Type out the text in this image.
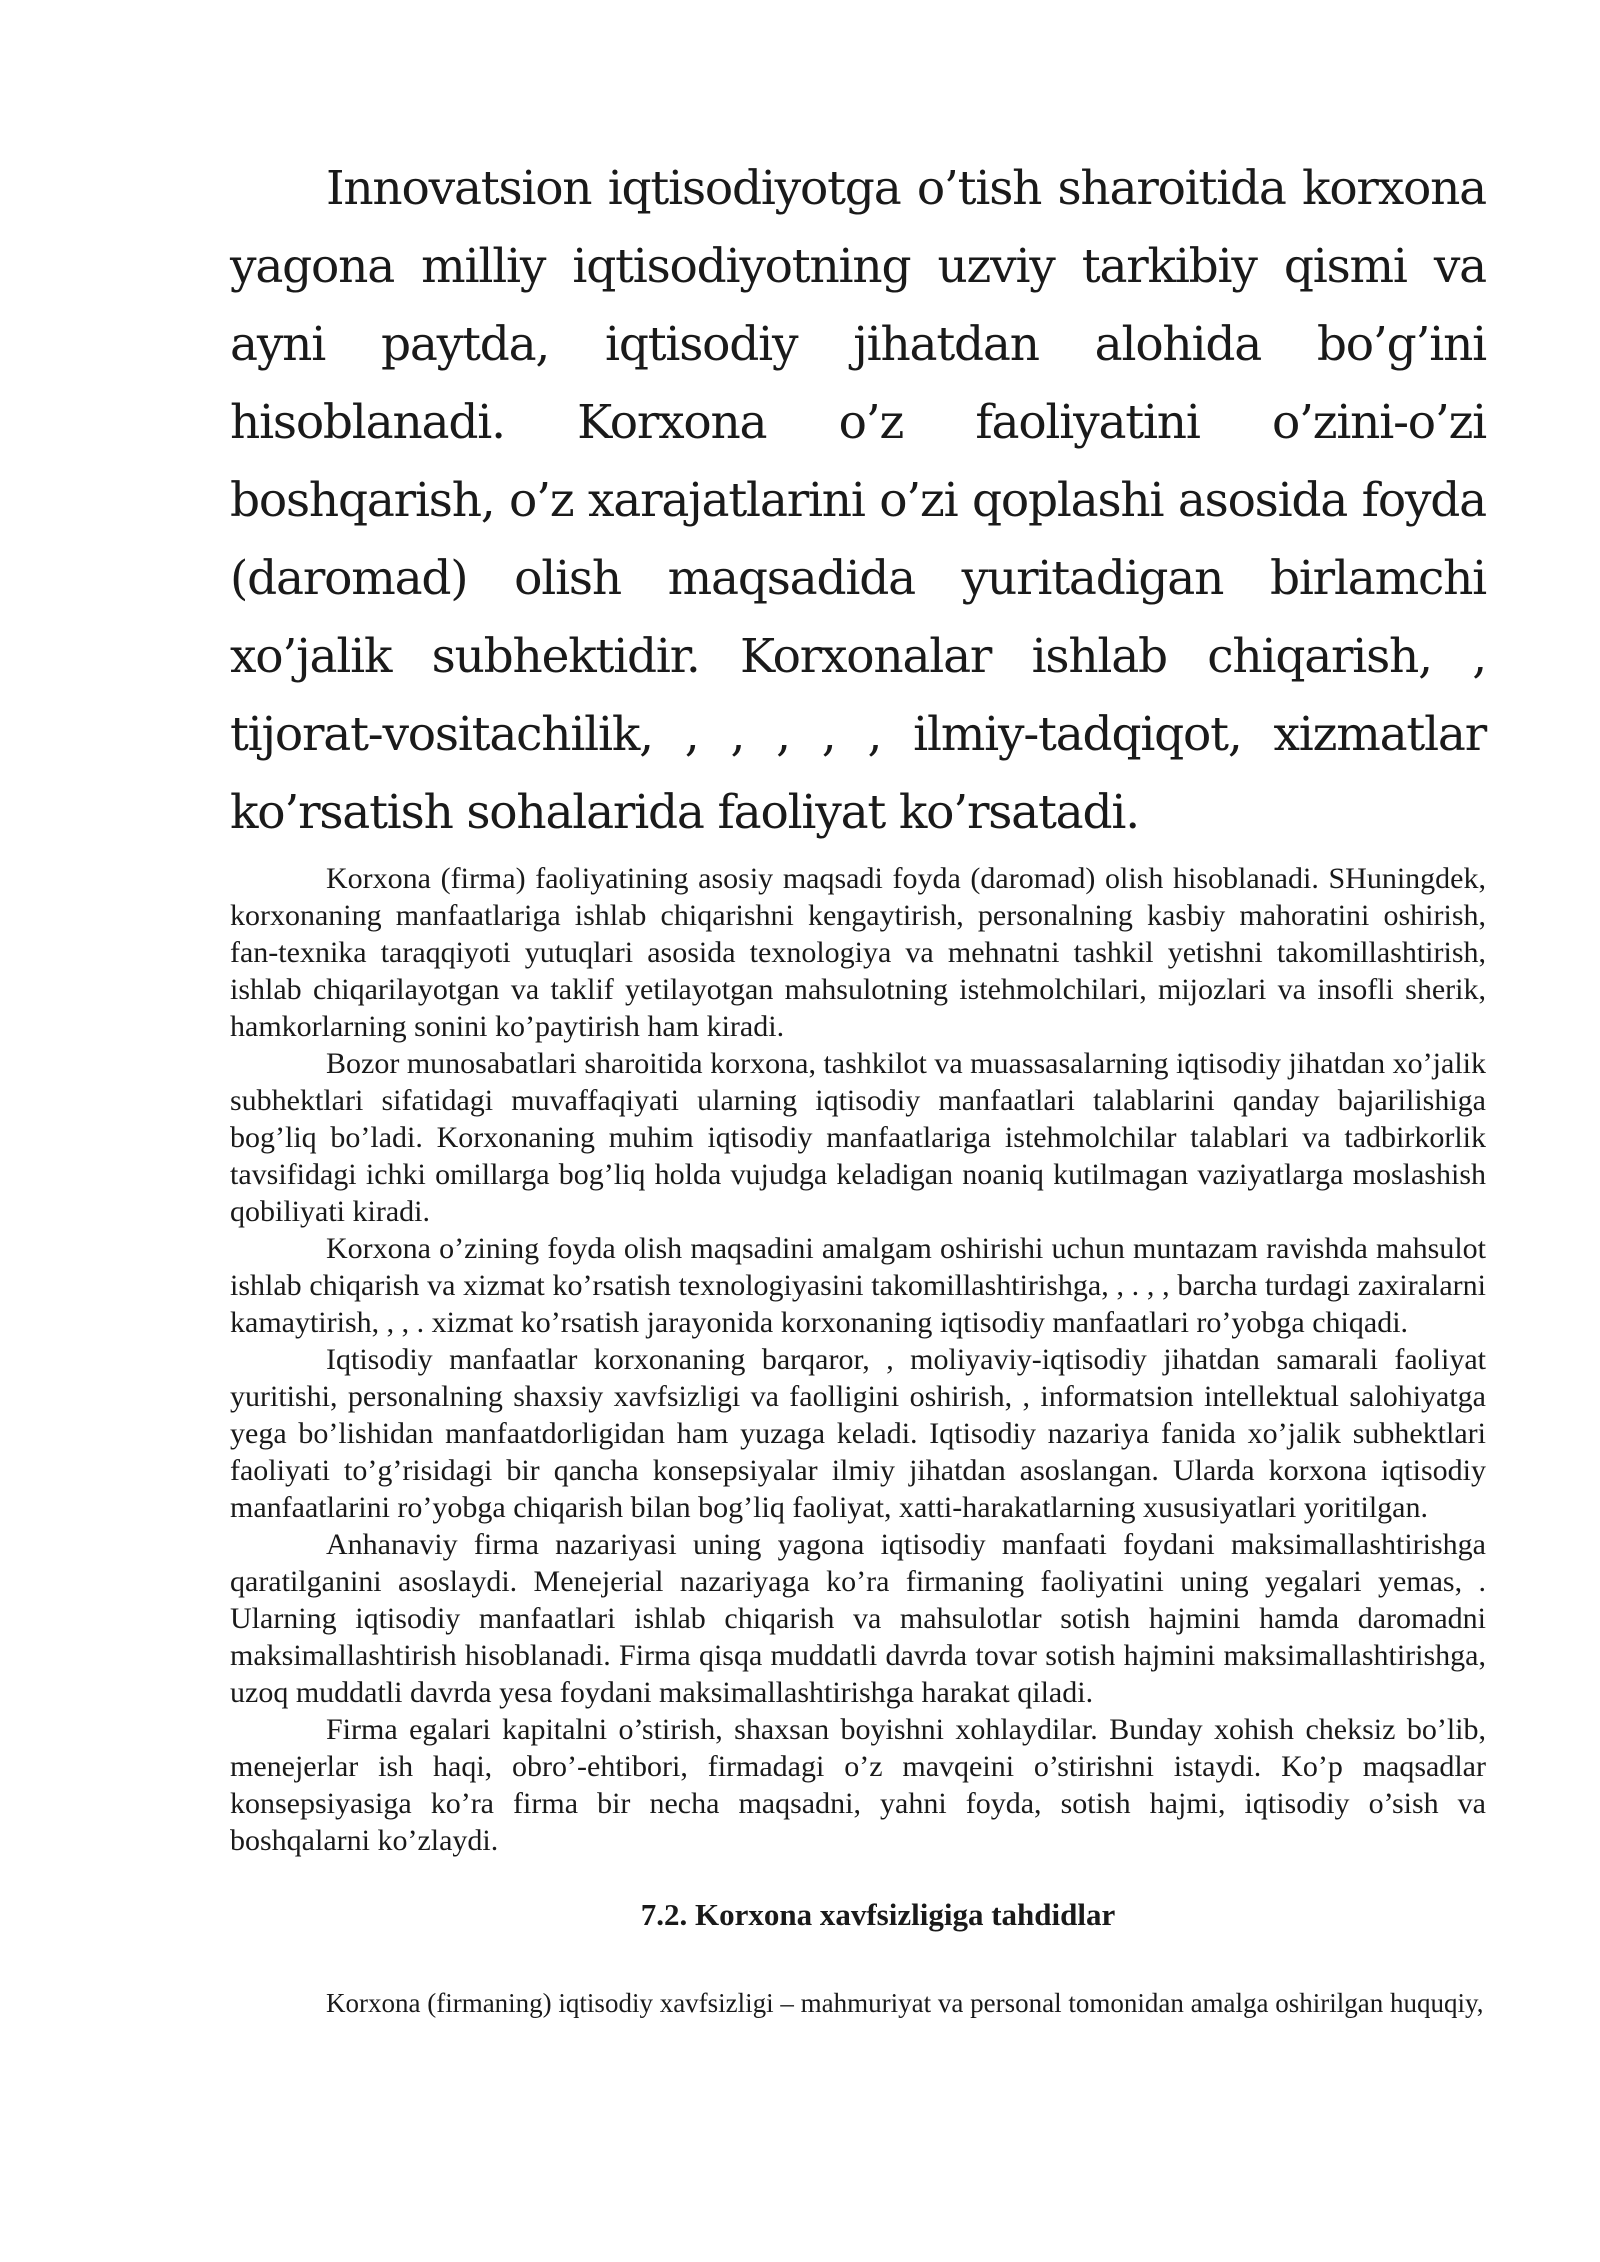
Innovatsion iqtisodiyotga o’tish sharoitida korxona yagona milliy iqtisodiyotning uzviy tarkibiy qismi va ayni paytda, iqtisodiy jihatdan alohida bo’g’ini hisoblanadi. Korxona o’z faoliyatini o’zini-o’zi boshqarish, o’z xarajatlarini o’zi qoplashi asosida foyda (daromad) olish maqsadida yuritadigan birlamchi xo’jalik subhektidir. Korxonalar ishlab chiqarish, , tijorat-vositachilik, , , , , , ilmiy-tadqiqot, xizmatlar ko’rsatish sohalarida faoliyat ko’rsatadi.

Korxona (firma) faoliyatining asosiy maqsadi foyda (daromad) olish hisoblanadi. SHuningdek, korxonaning manfaatlariga ishlab chiqarishni kengaytirish, personalning kasbiy mahoratini oshirish, fan-texnika taraqqiyoti yutuqlari asosida texnologiya va mehnatni tashkil yetishni takomillashtirish, ishlab chiqarilayotgan va taklif yetilayotgan mahsulotning istehmolchilari, mijozlari va insofli sherik, hamkorlarning sonini ko’paytirish ham kiradi.

Bozor munosabatlari sharoitida korxona, tashkilot va muassasalarning iqtisodiy jihatdan xo’jalik subhektlari sifatidagi muvaffaqiyati ularning iqtisodiy manfaatlari talablarini qanday bajarilishiga bog’liq bo’ladi. Korxonaning muhim iqtisodiy manfaatlariga istehmolchilar talablari va tadbirkorlik tavsifidagi ichki omillarga bog’liq holda vujudga keladigan noaniq kutilmagan vaziyatlarga moslashish qobiliyati kiradi.

Korxona o’zining foyda olish maqsadini amalgam oshirishi uchun muntazam ravishda mahsulot ishlab chiqarish va xizmat ko’rsatish texnologiyasini takomillashtirishga, , . , , barcha turdagi zaxiralarni kamaytirish, , , . xizmat ko’rsatish jarayonida korxonaning iqtisodiy manfaatlari ro’yobga chiqadi.

Iqtisodiy manfaatlar korxonaning barqaror, , moliyaviy-iqtisodiy jihatdan samarali faoliyat yuritishi, personalning shaxsiy xavfsizligi va faolligini oshirish, , informatsion intellektual salohiyatga yega bo’lishidan manfaatdorligidan ham yuzaga keladi. Iqtisodiy nazariya fanida xo’jalik subhektlari faoliyati to’g’risidagi bir qancha konsepsiyalar ilmiy jihatdan asoslangan. Ularda korxona iqtisodiy manfaatlarini ro’yobga chiqarish bilan bog’liq faoliyat, xatti-harakatlarning xususiyatlari yoritilgan.

Anhanaviy firma nazariyasi uning yagona iqtisodiy manfaati foydani maksimallashtirishga qaratilganini asoslaydi. Menejerial nazariyaga ko’ra firmaning faoliyatini uning yegalari yemas, . Ularning iqtisodiy manfaatlari ishlab chiqarish va mahsulotlar sotish hajmini hamda daromadni maksimallashtirish hisoblanadi. Firma qisqa muddatli davrda tovar sotish hajmini maksimallashtirishga, uzoq muddatli davrda yesa foydani maksimallashtirishga harakat qiladi.

Firma egalari kapitalni o’stirish, shaxsan boyishni xohlaydilar. Bunday xohish cheksiz bo’lib, menejerlar ish haqi, obro’-ehtibori, firmadagi o’z mavqeini o’stirishni istaydi. Ko’p maqsadlar konsepsiyasiga ko’ra firma bir necha maqsadni, yahni foyda, sotish hajmi, iqtisodiy o’sish va boshqalarni ko’zlaydi.

7.2. Korxona xavfsizligiga tahdidlar

Korxona (firmaning) iqtisodiy xavfsizligi – mahmuriyat va personal tomonidan amalga oshirilgan huquqiy,
